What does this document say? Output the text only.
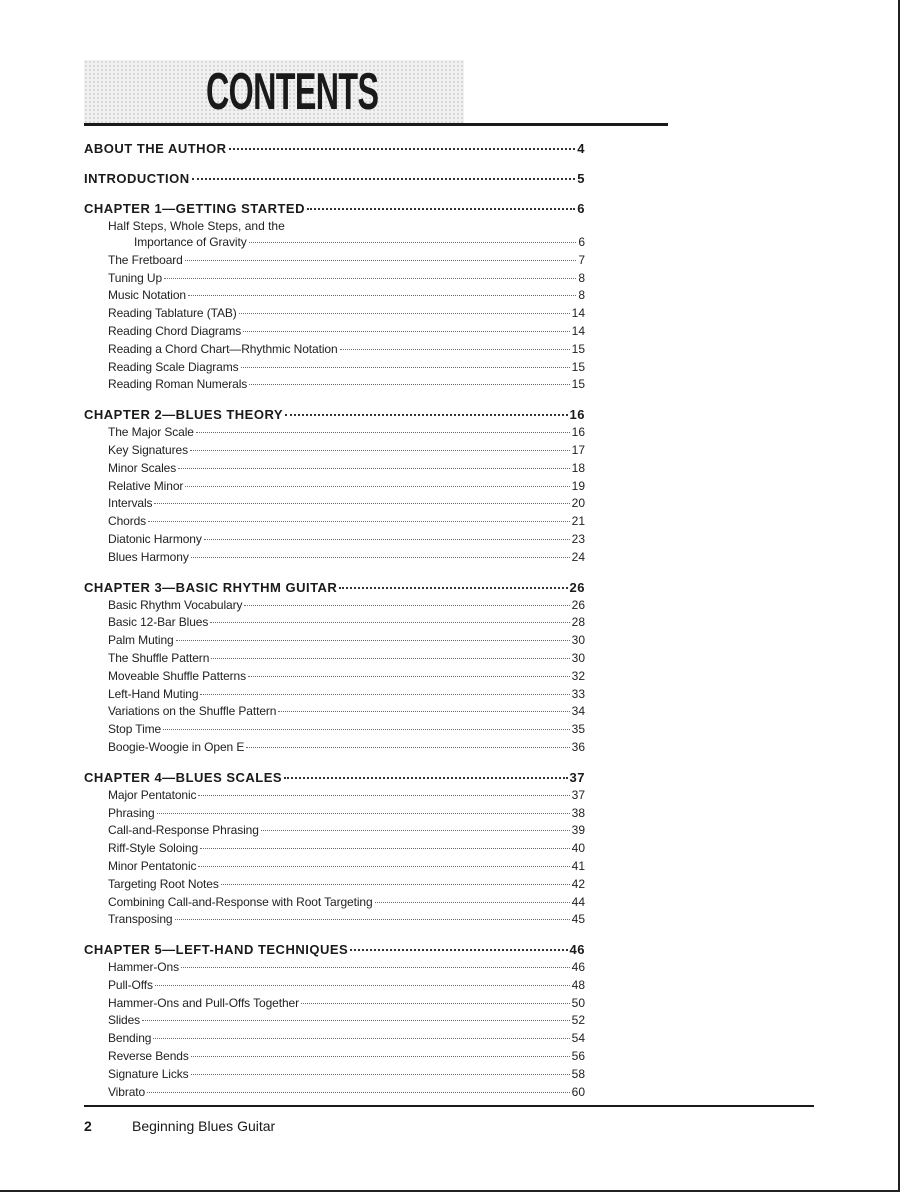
CONTENTS
ABOUT THE AUTHOR	4
INTRODUCTION	5
CHAPTER 1—GETTING STARTED	6
Half Steps, Whole Steps, and the
Importance of Gravity	6
The Fretboard	7
Tuning Up	8
Music Notation	8
Reading Tablature (TAB)	14
Reading Chord Diagrams	14
Reading a Chord Chart—Rhythmic Notation	15
Reading Scale Diagrams	15
Reading Roman Numerals	15
CHAPTER 2—BLUES THEORY	16
The Major Scale	16
Key Signatures	17
Minor Scales	18
Relative Minor	19
Intervals	20
Chords	21
Diatonic Harmony	23
Blues Harmony	24
CHAPTER 3—BASIC RHYTHM GUITAR	26
Basic Rhythm Vocabulary	26
Basic 12-Bar Blues	28
Palm Muting	30
The Shuffle Pattern	30
Moveable Shuffle Patterns	32
Left-Hand Muting	33
Variations on the Shuffle Pattern	34
Stop Time	35
Boogie-Woogie in Open E	36
CHAPTER 4—BLUES SCALES	37
Major Pentatonic	37
Phrasing	38
Call-and-Response Phrasing	39
Riff-Style Soloing	40
Minor Pentatonic	41
Targeting Root Notes	42
Combining Call-and-Response with Root Targeting	44
Transposing	45
CHAPTER 5—LEFT-HAND TECHNIQUES	46
Hammer-Ons	46
Pull-Offs	48
Hammer-Ons and Pull-Offs Together	50
Slides	52
Bending	54
Reverse Bends	56
Signature Licks	58
Vibrato	60
2	Beginning Blues Guitar
